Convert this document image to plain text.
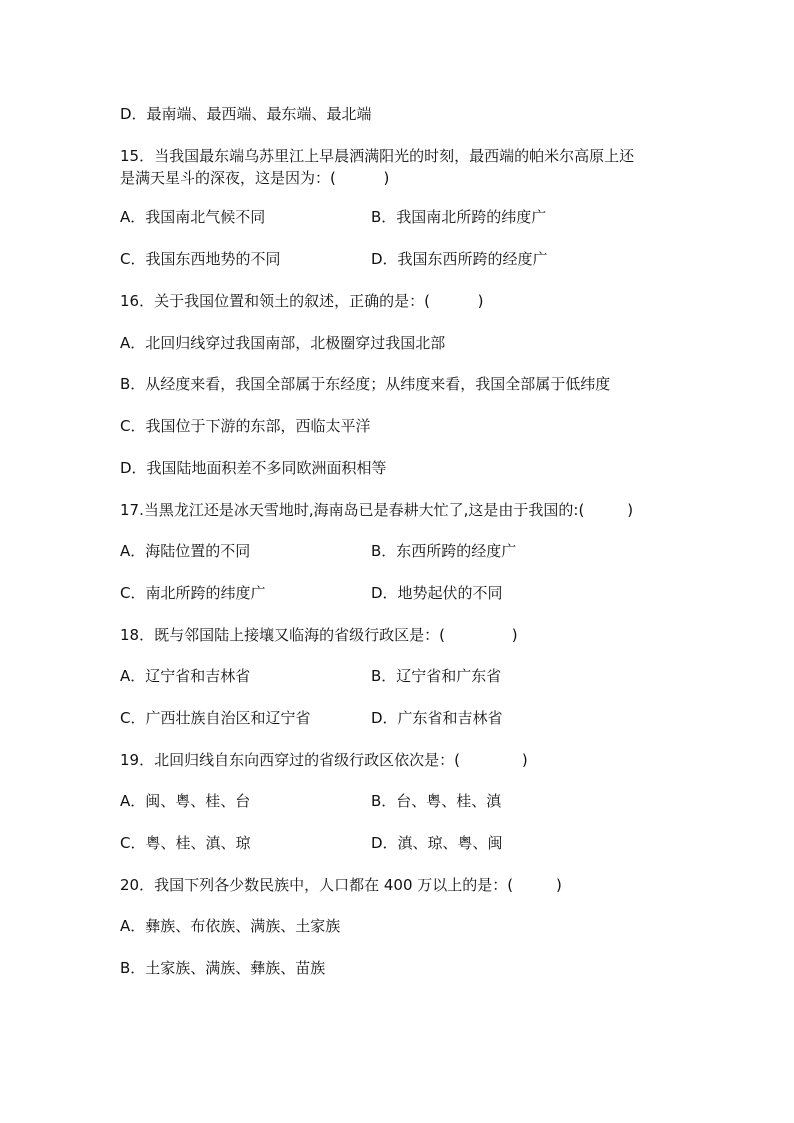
D．最南端、最西端、最东端、最北端
15．当我国最东端乌苏里江上早晨洒满阳光的时刻，最西端的帕米尔高原上还
是满天星斗的深夜，这是因为：(          )
A．我国南北气候不同	B．我国南北所跨的纬度广
C．我国东西地势的不同	D．我国东西所跨的经度广
16．关于我国位置和领土的叙述，正确的是：(          )
A．北回归线穿过我国南部，北极圈穿过我国北部
B．从经度来看，我国全部属于东经度；从纬度来看，我国全部属于低纬度
C．我国位于下游的东部，西临太平洋
D．我国陆地面积差不多同欧洲面积相等
17.当黑龙江还是冰天雪地时,海南岛已是春耕大忙了,这是由于我国的:(         )
A．海陆位置的不同	B．东西所跨的经度广
C．南北所跨的纬度广	D．地势起伏的不同
18．既与邻国陆上接壤又临海的省级行政区是：(              )
A．辽宁省和吉林省	B．辽宁省和广东省
C．广西壮族自治区和辽宁省	D．广东省和吉林省
19．北回归线自东向西穿过的省级行政区依次是：(             )
A．闽、粤、桂、台	B．台、粤、桂、滇
C．粤、桂、滇、琼	D．滇、琼、粤、闽
20．我国下列各少数民族中，人口都在 400 万以上的是：(         )
A．彝族、布依族、满族、土家族
B．土家族、满族、彝族、苗族
